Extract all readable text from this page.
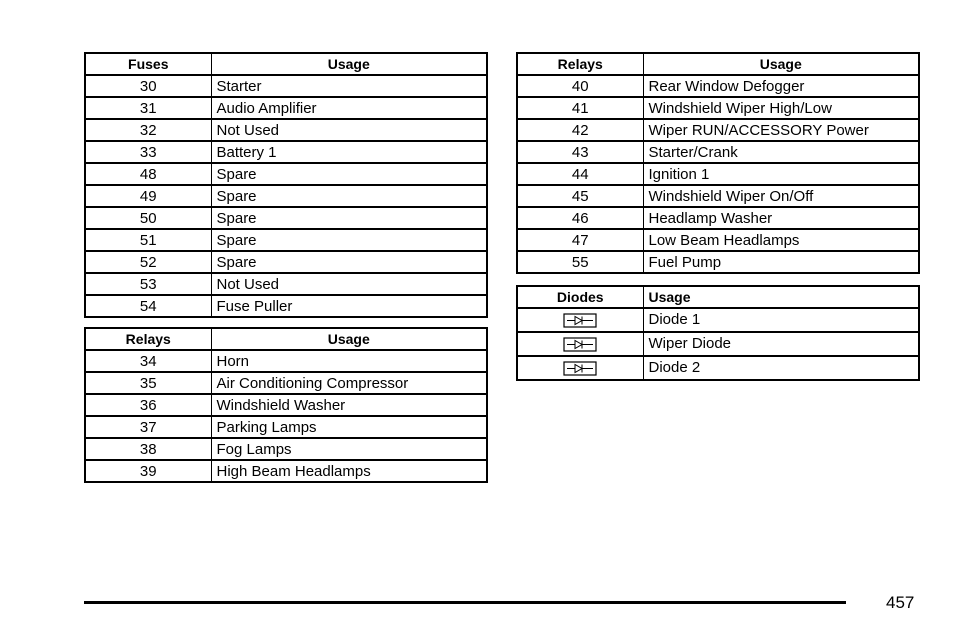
Fuses	Usage
30	Starter
31	Audio Amplifier
32	Not Used
33	Battery 1
48	Spare
49	Spare
50	Spare
51	Spare
52	Spare
53	Not Used
54	Fuse Puller
Relays	Usage
34	Horn
35	Air Conditioning Compressor
36	Windshield Washer
37	Parking Lamps
38	Fog Lamps
39	High Beam Headlamps
Relays	Usage
40	Rear Window Defogger
41	Windshield Wiper High/Low
42	Wiper RUN/ACCESSORY Power
43	Starter/Crank
44	Ignition 1
45	Windshield Wiper On/Off
46	Headlamp Washer
47	Low Beam Headlamps
55	Fuel Pump
Diodes	Usage
	Diode 1
	Wiper Diode
	Diode 2
457
